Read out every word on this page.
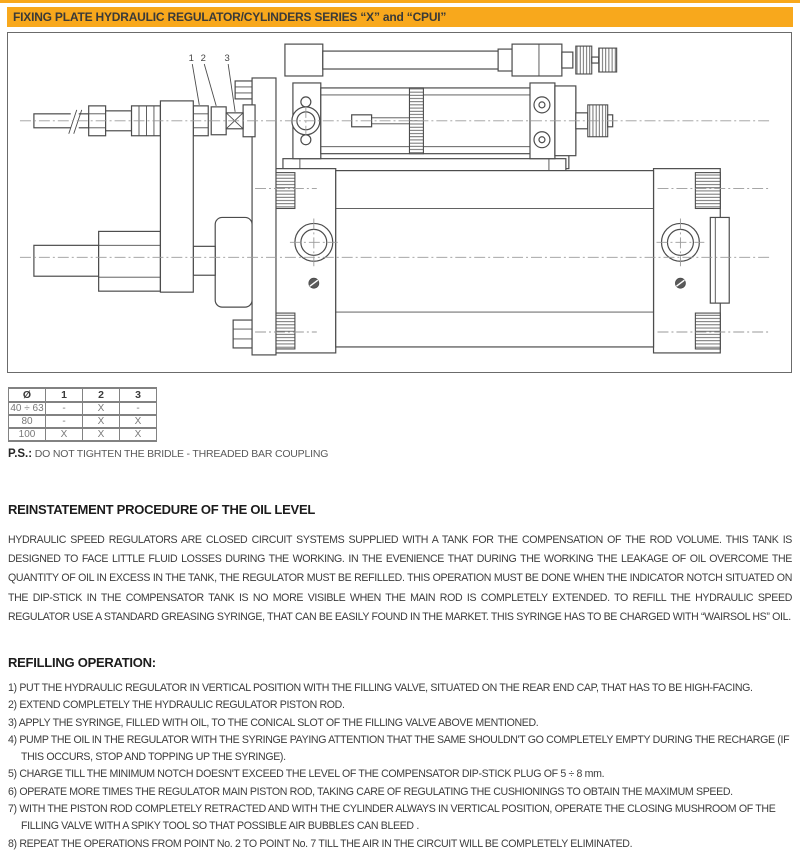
FIXING PLATE HYDRAULIC REGULATOR/CYLINDERS SERIES “X” and “CPUI”
1 2 3
Ø	1	2	3
40 ÷ 63	-	X	-
80	-	X	X
100	X	X	X
P.S.: DO NOT TIGHTEN THE BRIDLE - THREADED BAR COUPLING
REINSTATEMENT PROCEDURE OF THE OIL LEVEL
HYDRAULIC SPEED REGULATORS ARE CLOSED CIRCUIT SYSTEMS SUPPLIED WITH A TANK FOR THE COMPENSATION OF THE ROD VOLUME. THIS TANK IS DESIGNED TO FACE LITTLE FLUID LOSSES DURING THE WORKING. IN THE EVENIENCE THAT DURING THE WORKING THE LEAKAGE OF OIL OVERCOME THE QUANTITY OF OIL IN EXCESS IN THE TANK, THE REGULATOR MUST BE REFILLED. THIS OPERATION MUST BE DONE WHEN THE INDICATOR NOTCH SITUATED ON THE DIP-STICK IN THE COMPENSATOR TANK IS NO MORE VISIBLE WHEN THE MAIN ROD IS COMPLETELY EXTENDED. TO REFILL THE HYDRAULIC SPEED REGULATOR USE A STANDARD GREASING SYRINGE, THAT CAN BE EASILY FOUND IN THE MARKET. THIS SYRINGE HAS TO BE CHARGED WITH “WAIRSOL HS” OIL.
REFILLING OPERATION:
1) PUT THE HYDRAULIC REGULATOR IN VERTICAL POSITION WITH THE FILLING VALVE, SITUATED ON THE REAR END CAP, THAT HAS TO BE HIGH-FACING.
2) EXTEND COMPLETELY THE HYDRAULIC REGULATOR PISTON ROD.
3) APPLY THE SYRINGE, FILLED WITH OIL, TO THE CONICAL SLOT OF THE FILLING VALVE ABOVE MENTIONED.
4) PUMP THE OIL IN THE REGULATOR WITH THE SYRINGE PAYING ATTENTION THAT THE SAME SHOULDN'T GO COMPLETELY EMPTY DURING THE RECHARGE (IF THIS OCCURS, STOP AND TOPPING UP THE SYRINGE).
5) CHARGE TILL THE MINIMUM NOTCH DOESN'T EXCEED THE LEVEL OF THE COMPENSATOR DIP-STICK PLUG OF 5 ÷ 8 mm.
6) OPERATE MORE TIMES THE REGULATOR MAIN PISTON ROD, TAKING CARE OF REGULATING THE CUSHIONINGS TO OBTAIN THE MAXIMUM SPEED.
7) WITH THE PISTON ROD COMPLETELY RETRACTED AND WITH THE CYLINDER ALWAYS IN VERTICAL POSITION, OPERATE THE CLOSING MUSHROOM OF THE FILLING VALVE WITH A SPIKY TOOL SO THAT POSSIBLE AIR BUBBLES CAN BLEED .
8) REPEAT THE OPERATIONS FROM POINT No. 2 TO POINT No. 7 TILL THE AIR IN THE CIRCUIT WILL BE COMPLETELY ELIMINATED.
